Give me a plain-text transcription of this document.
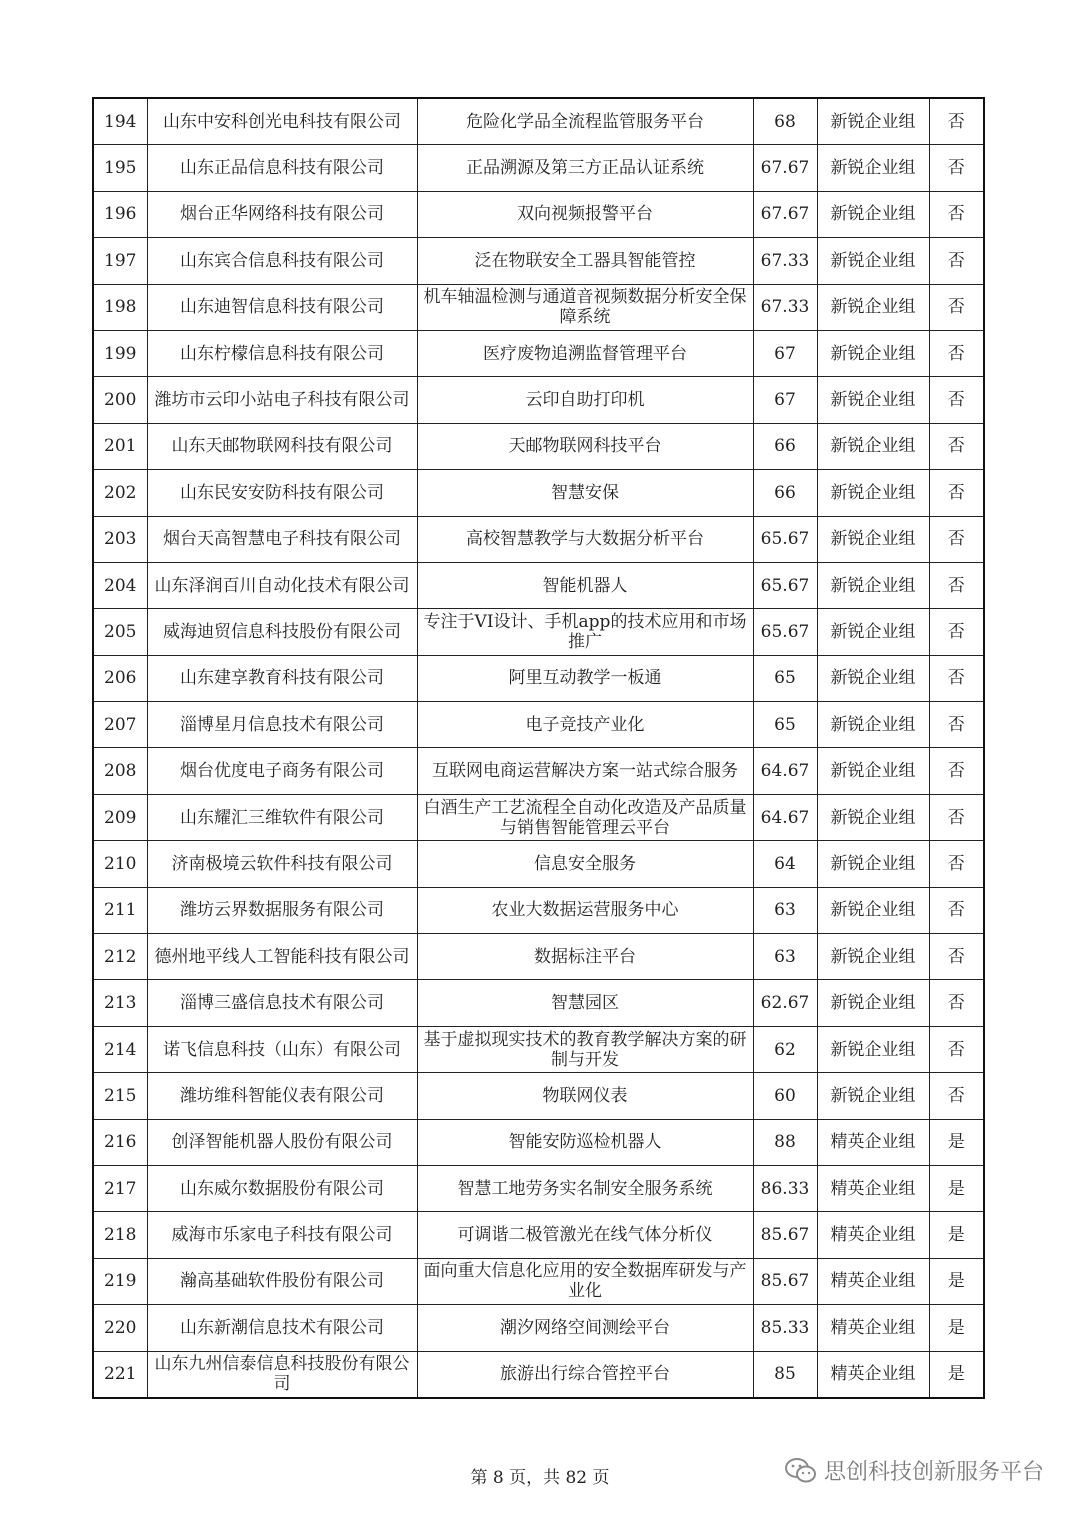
194	山东中安科创光电科技有限公司	危险化学品全流程监管服务平台	68	新锐企业组	否
195	山东正品信息科技有限公司	正品溯源及第三方正品认证系统	67.67	新锐企业组	否
196	烟台正华网络科技有限公司	双向视频报警平台	67.67	新锐企业组	否
197	山东宾合信息科技有限公司	泛在物联安全工器具智能管控	67.33	新锐企业组	否
198	山东迪智信息科技有限公司	机车轴温检测与通道音视频数据分析安全保障系统	67.33	新锐企业组	否
199	山东柠檬信息科技有限公司	医疗废物追溯监督管理平台	67	新锐企业组	否
200	潍坊市云印小站电子科技有限公司	云印自助打印机	67	新锐企业组	否
201	山东天邮物联网科技有限公司	天邮物联网科技平台	66	新锐企业组	否
202	山东民安安防科技有限公司	智慧安保	66	新锐企业组	否
203	烟台天高智慧电子科技有限公司	高校智慧教学与大数据分析平台	65.67	新锐企业组	否
204	山东泽润百川自动化技术有限公司	智能机器人	65.67	新锐企业组	否
205	威海迪贸信息科技股份有限公司	专注于VI设计、手机app的技术应用和市场推广	65.67	新锐企业组	否
206	山东建享教育科技有限公司	阿里互动教学一板通	65	新锐企业组	否
207	淄博星月信息技术有限公司	电子竞技产业化	65	新锐企业组	否
208	烟台优度电子商务有限公司	互联网电商运营解决方案一站式综合服务	64.67	新锐企业组	否
209	山东耀汇三维软件有限公司	白酒生产工艺流程全自动化改造及产品质量与销售智能管理云平台	64.67	新锐企业组	否
210	济南极境云软件科技有限公司	信息安全服务	64	新锐企业组	否
211	潍坊云界数据服务有限公司	农业大数据运营服务中心	63	新锐企业组	否
212	德州地平线人工智能科技有限公司	数据标注平台	63	新锐企业组	否
213	淄博三盛信息技术有限公司	智慧园区	62.67	新锐企业组	否
214	诺飞信息科技（山东）有限公司	基于虚拟现实技术的教育教学解决方案的研制与开发	62	新锐企业组	否
215	潍坊维科智能仪表有限公司	物联网仪表	60	新锐企业组	否
216	创泽智能机器人股份有限公司	智能安防巡检机器人	88	精英企业组	是
217	山东威尔数据股份有限公司	智慧工地劳务实名制安全服务系统	86.33	精英企业组	是
218	威海市乐家电子科技有限公司	可调谐二极管激光在线气体分析仪	85.67	精英企业组	是
219	瀚高基础软件股份有限公司	面向重大信息化应用的安全数据库研发与产业化	85.67	精英企业组	是
220	山东新潮信息技术有限公司	潮汐网络空间测绘平台	85.33	精英企业组	是
221	山东九州信泰信息科技股份有限公司	旅游出行综合管控平台	85	精英企业组	是
第 8 页，共 82 页	思创科技创新服务平台
